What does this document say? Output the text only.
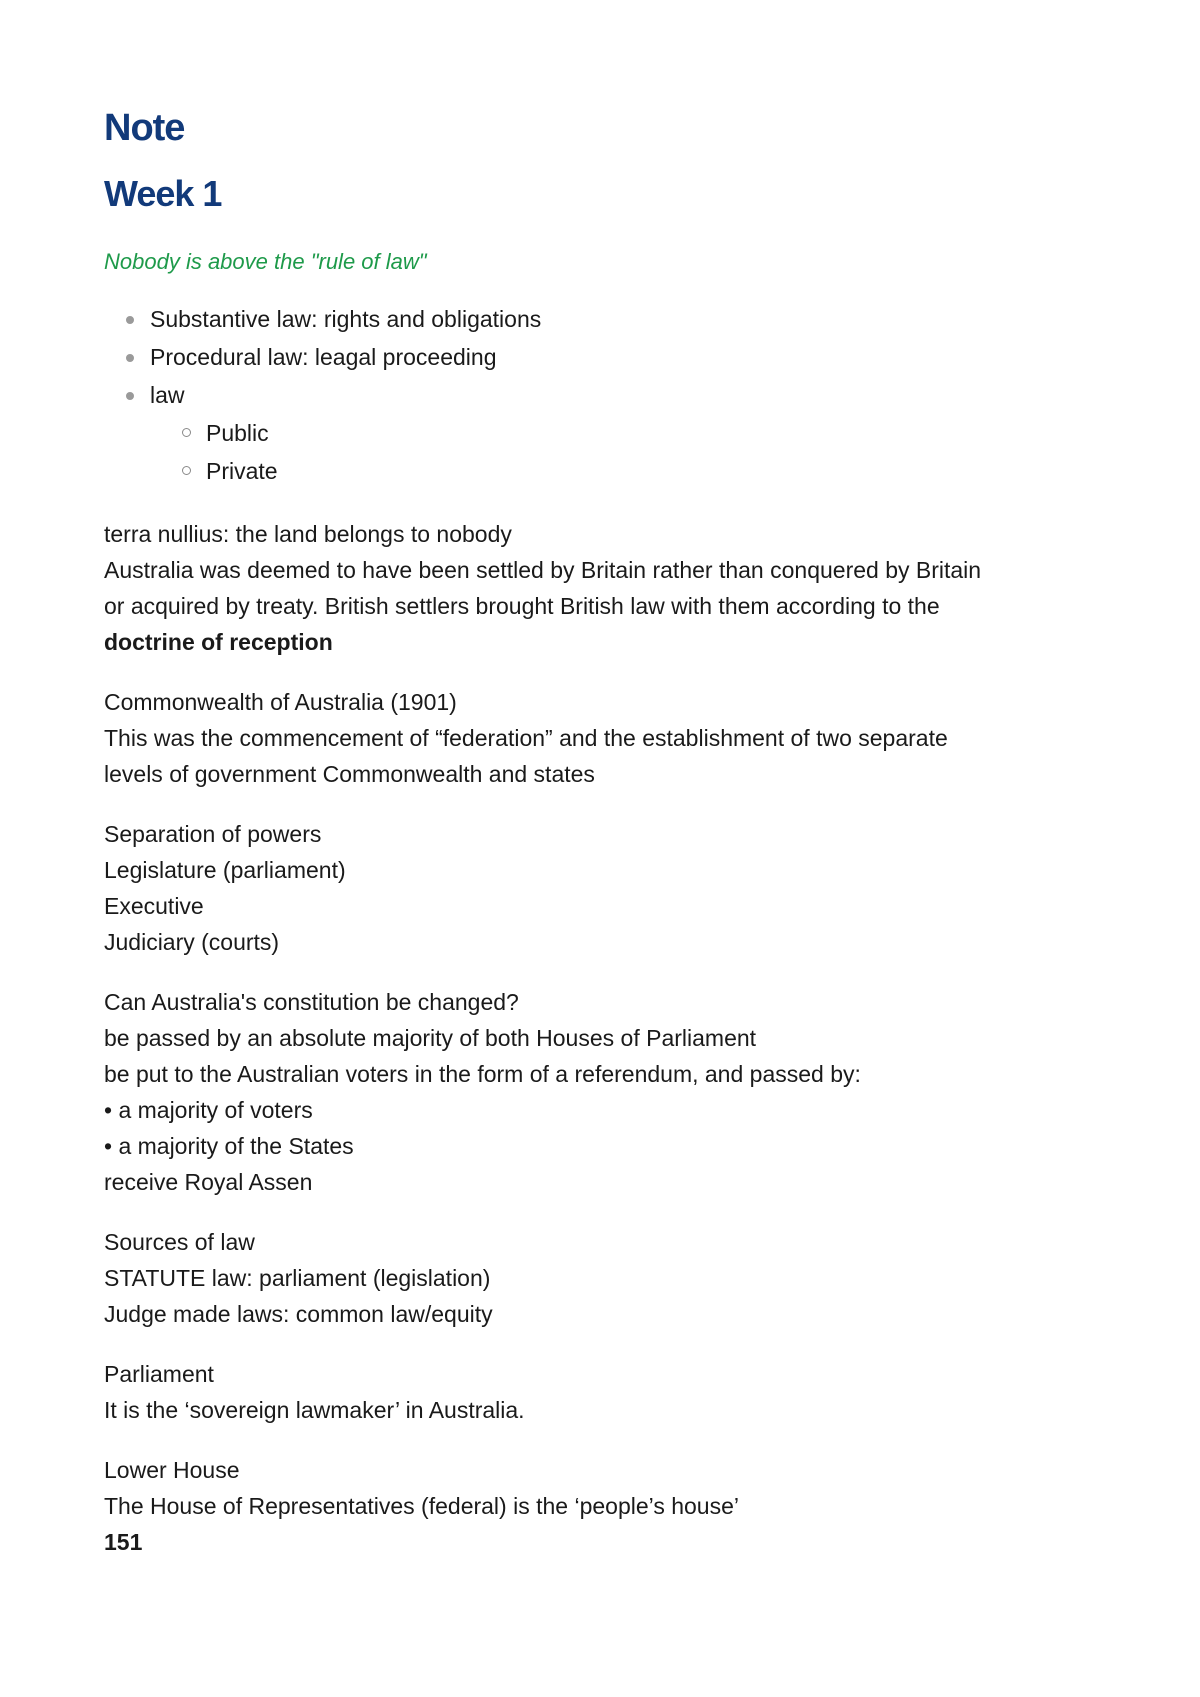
Note
Week 1
Nobody is above the "rule of law"
Substantive law: rights and obligations
Procedural law: leagal proceeding
law
Public
Private

terra nullius: the land belongs to nobody
Australia was deemed to have been settled by Britain rather than conquered by Britain
or acquired by treaty. British settlers brought British law with them according to the
doctrine of reception

Commonwealth of Australia (1901)
This was the commencement of “federation” and the establishment of two separate
levels of government Commonwealth and states

Separation of powers
Legislature (parliament)
Executive
Judiciary (courts)

Can Australia's constitution be changed?
be passed by an absolute majority of both Houses of Parliament
be put to the Australian voters in the form of a referendum, and passed by:
• a majority of voters
• a majority of the States
receive Royal Assen

Sources of law
STATUTE law: parliament (legislation)
Judge made laws: common law/equity

Parliament
It is the ‘sovereign lawmaker’ in Australia.

Lower House
The House of Representatives (federal) is the ‘people’s house’
151
